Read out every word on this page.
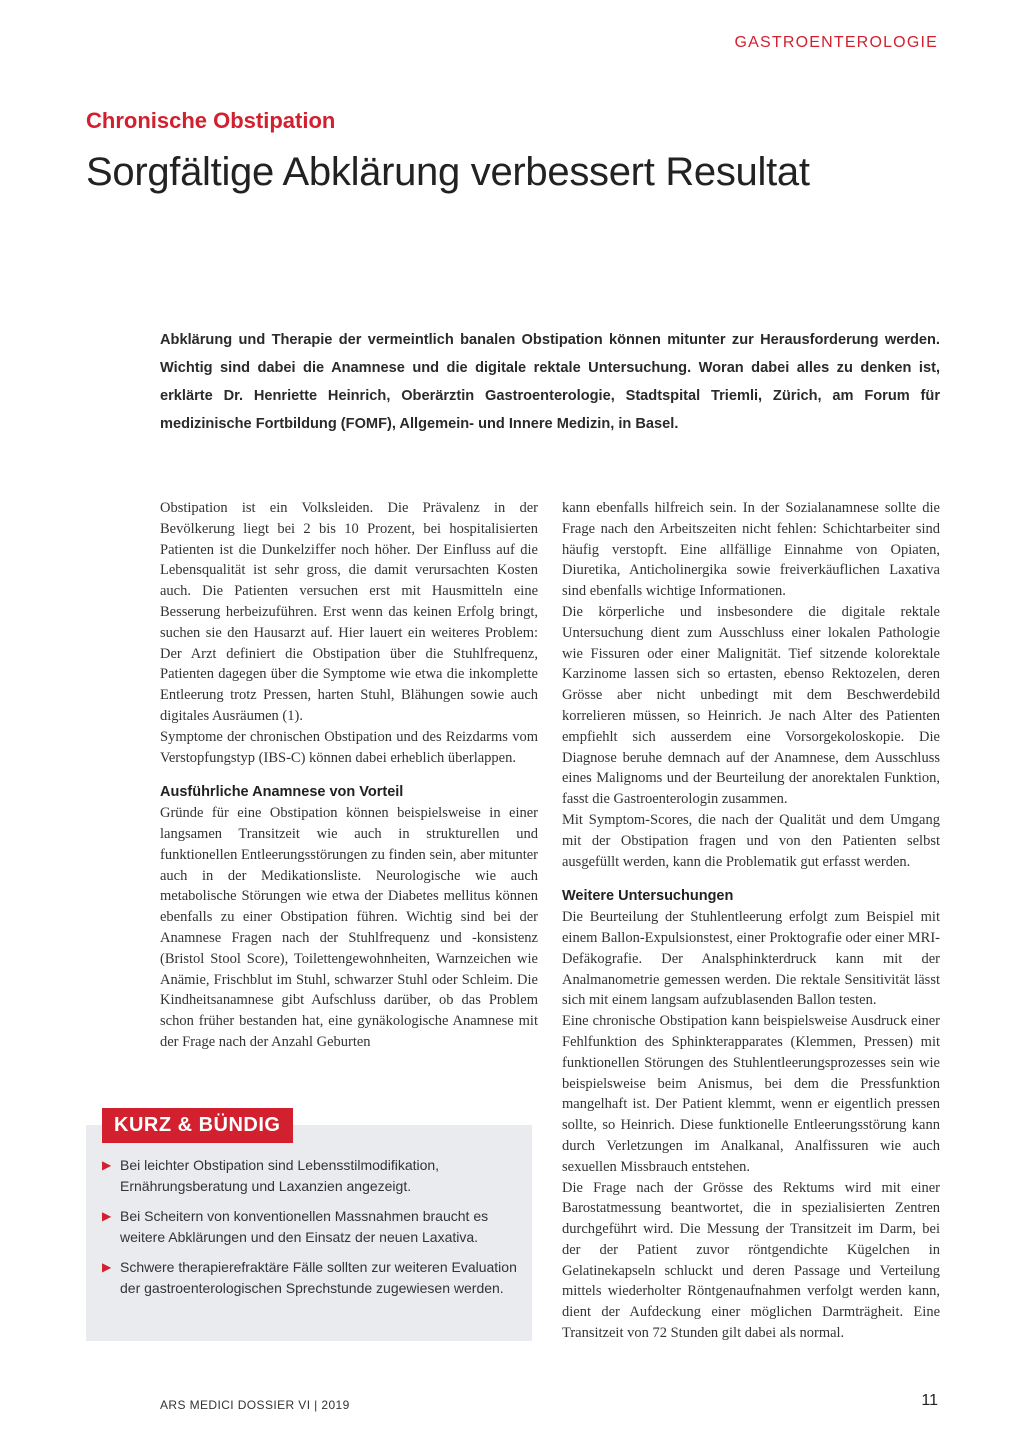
GASTROENTEROLOGIE
Chronische Obstipation
Sorgfältige Abklärung verbessert Resultat
Abklärung und Therapie der vermeintlich banalen Obstipation können mitunter zur Herausforderung werden. Wichtig sind dabei die Anamnese und die digitale rektale Untersuchung. Woran dabei alles zu denken ist, erklärte Dr. Henriette Heinrich, Oberärztin Gastroenterologie, Stadtspital Triemli, Zürich, am Forum für medizinische Fortbildung (FOMF), Allgemein- und Innere Medizin, in Basel.

Obstipation ist ein Volksleiden. Die Prävalenz in der Bevölkerung liegt bei 2 bis 10 Prozent, bei hospitalisierten Patienten ist die Dunkelziffer noch höher. Der Einfluss auf die Lebensqualität ist sehr gross, die damit verursachten Kosten auch. Die Patienten versuchen erst mit Hausmitteln eine Besserung herbeizuführen. Erst wenn das keinen Erfolg bringt, suchen sie den Hausarzt auf. Hier lauert ein weiteres Problem: Der Arzt definiert die Obstipation über die Stuhlfrequenz, Patienten dagegen über die Symptome wie etwa die inkomplette Entleerung trotz Pressen, harten Stuhl, Blähungen sowie auch digitales Ausräumen (1).

Symptome der chronischen Obstipation und des Reizdarms vom Verstopfungstyp (IBS-C) können dabei erheblich überlappen.

Ausführliche Anamnese von Vorteil

Gründe für eine Obstipation können beispielsweise in einer langsamen Transitzeit wie auch in strukturellen und funktionellen Entleerungsstörungen zu finden sein, aber mitunter auch in der Medikationsliste. Neurologische wie auch metabolische Störungen wie etwa der Diabetes mellitus können ebenfalls zu einer Obstipation führen. Wichtig sind bei der Anamnese Fragen nach der Stuhlfrequenz und -konsistenz (Bristol Stool Score), Toilettengewohnheiten, Warnzeichen wie Anämie, Frischblut im Stuhl, schwarzer Stuhl oder Schleim. Die Kindheitsanamnese gibt Aufschluss darüber, ob das Problem schon früher bestanden hat, eine gynäkologische Anamnese mit der Frage nach der Anzahl Geburten

kann ebenfalls hilfreich sein. In der Sozialanamnese sollte die Frage nach den Arbeitszeiten nicht fehlen: Schichtarbeiter sind häufig verstopft. Eine allfällige Einnahme von Opiaten, Diuretika, Anticholinergika sowie freiverkäuflichen Laxativa sind ebenfalls wichtige Informationen.

Die körperliche und insbesondere die digitale rektale Untersuchung dient zum Ausschluss einer lokalen Pathologie wie Fissuren oder einer Malignität. Tief sitzende kolorektale Karzinome lassen sich so ertasten, ebenso Rektozelen, deren Grösse aber nicht unbedingt mit dem Beschwerdebild korrelieren müssen, so Heinrich. Je nach Alter des Patienten empfiehlt sich ausserdem eine Vorsorgekoloskopie. Die Diagnose beruhe demnach auf der Anamnese, dem Ausschluss eines Malignoms und der Beurteilung der anorektalen Funktion, fasst die Gastroenterologin zusammen.

Mit Symptom-Scores, die nach der Qualität und dem Umgang mit der Obstipation fragen und von den Patienten selbst ausgefüllt werden, kann die Problematik gut erfasst werden.

Weitere Untersuchungen

Die Beurteilung der Stuhlentleerung erfolgt zum Beispiel mit einem Ballon-Expulsionstest, einer Proktografie oder einer MRI-Defäkografie. Der Analsphinkterdruck kann mit der Analmanometrie gemessen werden. Die rektale Sensitivität lässt sich mit einem langsam aufzublasenden Ballon testen.

Eine chronische Obstipation kann beispielsweise Ausdruck einer Fehlfunktion des Sphinkterapparates (Klemmen, Pressen) mit funktionellen Störungen des Stuhlentleerungsprozesses sein wie beispielsweise beim Anismus, bei dem die Pressfunktion mangelhaft ist. Der Patient klemmt, wenn er eigentlich pressen sollte, so Heinrich. Diese funktionelle Entleerungsstörung kann durch Verletzungen im Analkanal, Analfissuren wie auch sexuellen Missbrauch entstehen.

Die Frage nach der Grösse des Rektums wird mit einer Barostatmessung beantwortet, die in spezialisierten Zentren durchgeführt wird. Die Messung der Transitzeit im Darm, bei der der Patient zuvor röntgendichte Kügelchen in Gelatinekapseln schluckt und deren Passage und Verteilung mittels wiederholter Röntgenaufnahmen verfolgt werden kann, dient der Aufdeckung einer möglichen Darmträgheit. Eine Transitzeit von 72 Stunden gilt dabei als normal.

KURZ & BÜNDIG
▶ Bei leichter Obstipation sind Lebensstilmodifikation, Ernährungsberatung und Laxanzien angezeigt.
▶ Bei Scheitern von konventionellen Massnahmen braucht es weitere Abklärungen und den Einsatz der neuen Laxativa.
▶ Schwere therapierefraktäre Fälle sollten zur weiteren Evaluation der gastroenterologischen Sprechstunde zugewiesen werden.
ARS MEDICI DOSSIER VI | 2019	11
